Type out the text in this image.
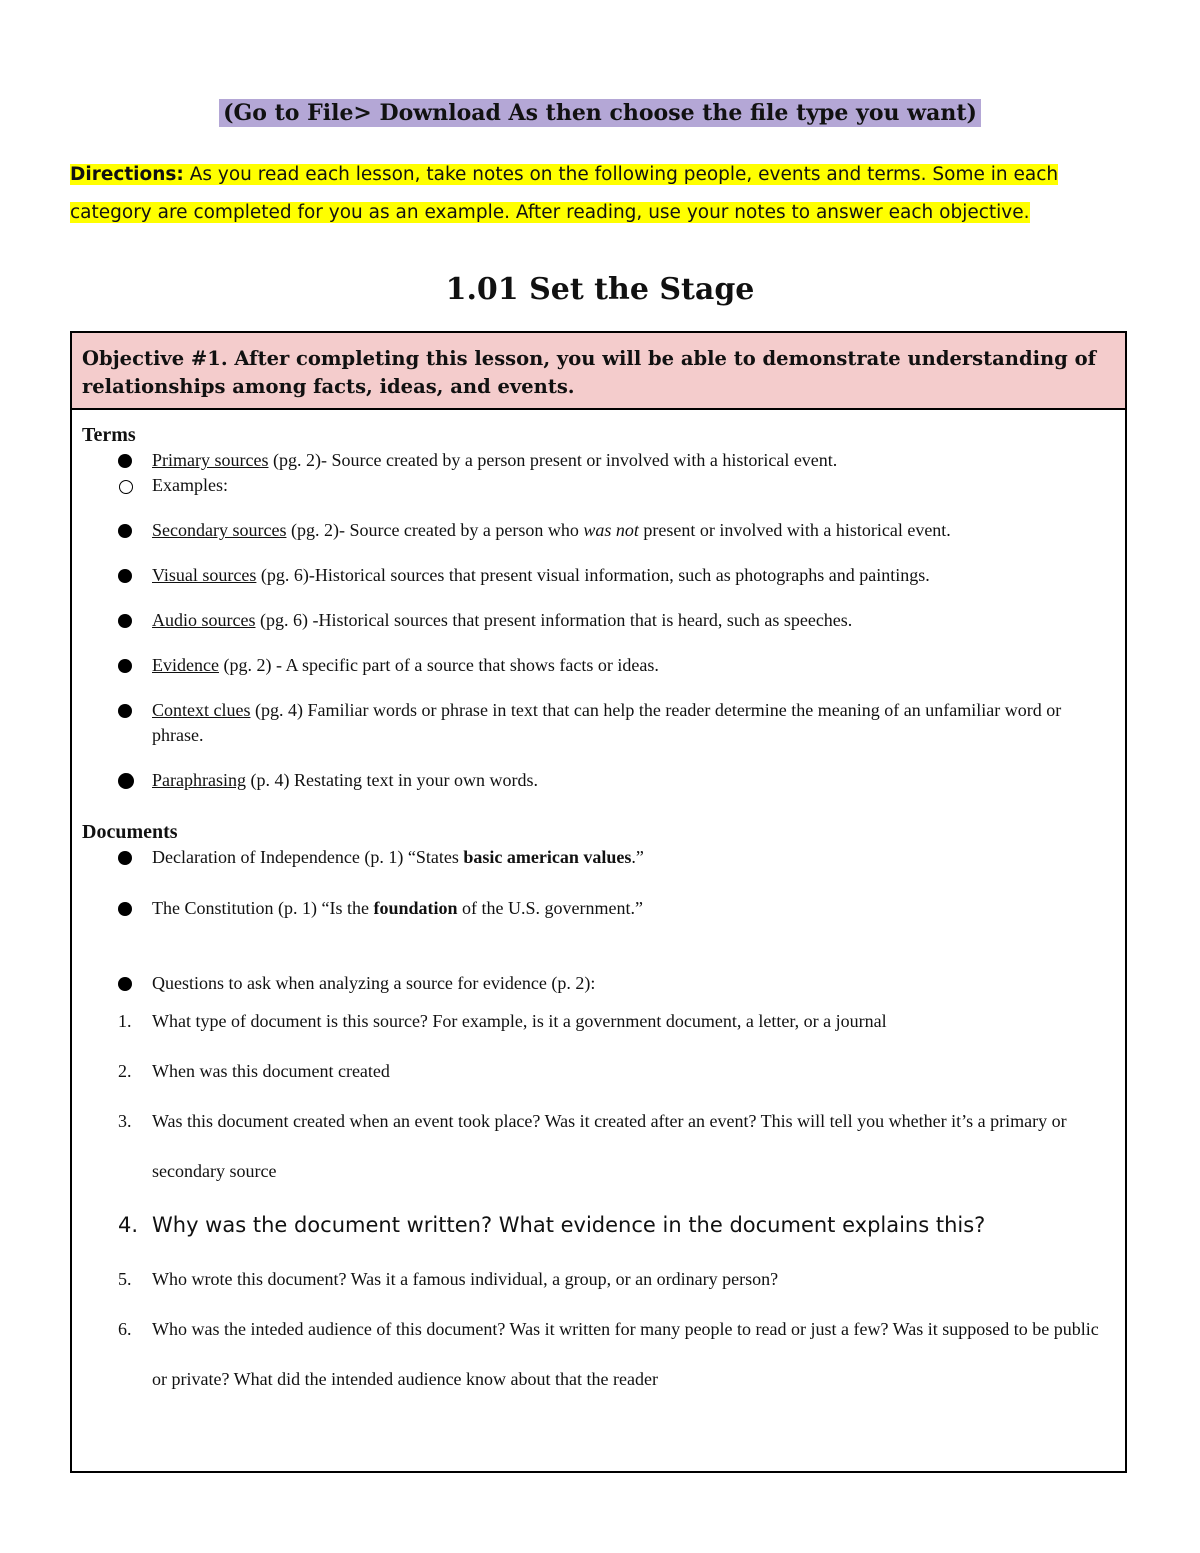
(Go to File> Download As then choose the file type you want)
Directions: As you read each lesson, take notes on the following people, events and terms. Some in each category are completed for you as an example. After reading, use your notes to answer each objective.
1.01 Set the Stage
Objective #1. After completing this lesson, you will be able to demonstrate understanding of relationships among facts, ideas, and events.

Terms

Primary sources (pg. 2)- Source created by a person present or involved with a historical event.
Examples:
Secondary sources (pg. 2)- Source created by a person who was not present or involved with a historical event.
Visual sources (pg. 6)-Historical sources that present visual information, such as photographs and paintings.
Audio sources (pg. 6) -Historical sources that present information that is heard, such as speeches.
Evidence (pg. 2) - A specific part of a source that shows facts or ideas.
Context clues (pg. 4) Familiar words or phrase in text that can help the reader determine the meaning of an unfamiliar word or phrase.
Paraphrasing (p. 4) Restating text in your own words.

Documents

Declaration of Independence (p. 1) “States basic american values.”
The Constitution (p. 1) “Is the foundation of the U.S. government.”
Questions to ask when analyzing a source for evidence (p. 2):
1. What type of document is this source? For example, is it a government document, a letter, or a journal
2. When was this document created
3. Was this document created when an event took place? Was it created after an event? This will tell you whether it’s a primary or secondary source
4. Why was the document written? What evidence in the document explains this?
5. Who wrote this document? Was it a famous individual, a group, or an ordinary person?
6. Who was the inteded audience of this document? Was it written for many people to read or just a few? Was it supposed to be public or private? What did the intended audience know about that the reader
